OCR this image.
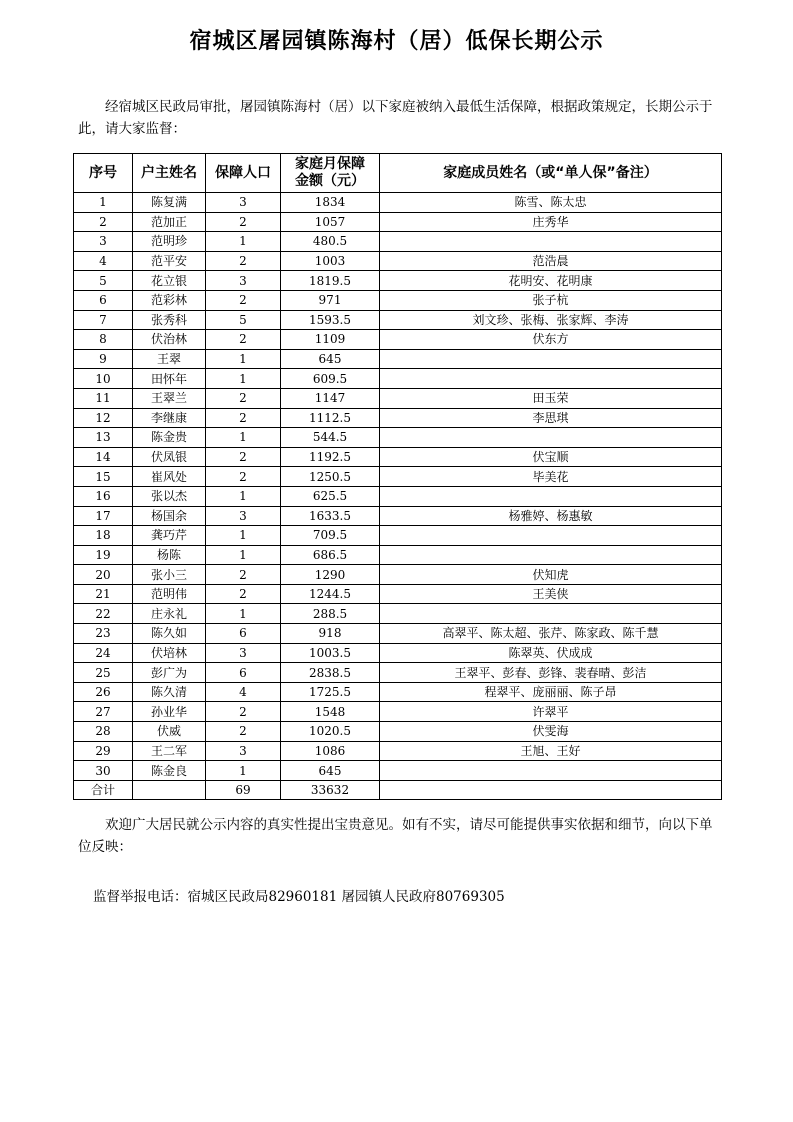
宿城区屠园镇陈海村（居）低保长期公示
经宿城区民政局审批，屠园镇陈海村（居）以下家庭被纳入最低生活保障，根据政策规定，长期公示于此，请大家监督：
序号	户主姓名	保障人口	家庭月保障金额（元）	家庭成员姓名（或“单人保”备注）
1	陈复满	3	1834	陈雪、陈太忠
2	范加正	2	1057	庄秀华
3	范明珍	1	480.5	
4	范平安	2	1003	范浩晨
5	花立银	3	1819.5	花明安、花明康
6	范彩林	2	971	张子杭
7	张秀科	5	1593.5	刘文珍、张梅、张家辉、李涛
8	伏治林	2	1109	伏东方
9	王翠	1	645	
10	田怀年	1	609.5	
11	王翠兰	2	1147	田玉荣
12	李继康	2	1112.5	李思琪
13	陈金贵	1	544.5	
14	伏凤银	2	1192.5	伏宝顺
15	崔风处	2	1250.5	毕美花
16	张以杰	1	625.5	
17	杨国余	3	1633.5	杨雅婷、杨惠敏
18	龚巧芹	1	709.5	
19	杨陈	1	686.5	
20	张小三	2	1290	伏知虎
21	范明伟	2	1244.5	王美侠
22	庄永礼	1	288.5	
23	陈久如	6	918	高翠平、陈太超、张芹、陈家政、陈千慧
24	伏培林	3	1003.5	陈翠英、伏成成
25	彭广为	6	2838.5	王翠平、彭春、彭锋、裴春晴、彭洁
26	陈久清	4	1725.5	程翠平、庞丽丽、陈子昂
27	孙业华	2	1548	许翠平
28	伏威	2	1020.5	伏雯海
29	王二军	3	1086	王旭、王好
30	陈金良	1	645	
合计		69	33632	
欢迎广大居民就公示内容的真实性提出宝贵意见。如有不实，请尽可能提供事实依据和细节，向以下单位反映：
监督举报电话：宿城区民政局82960181 屠园镇人民政府80769305
